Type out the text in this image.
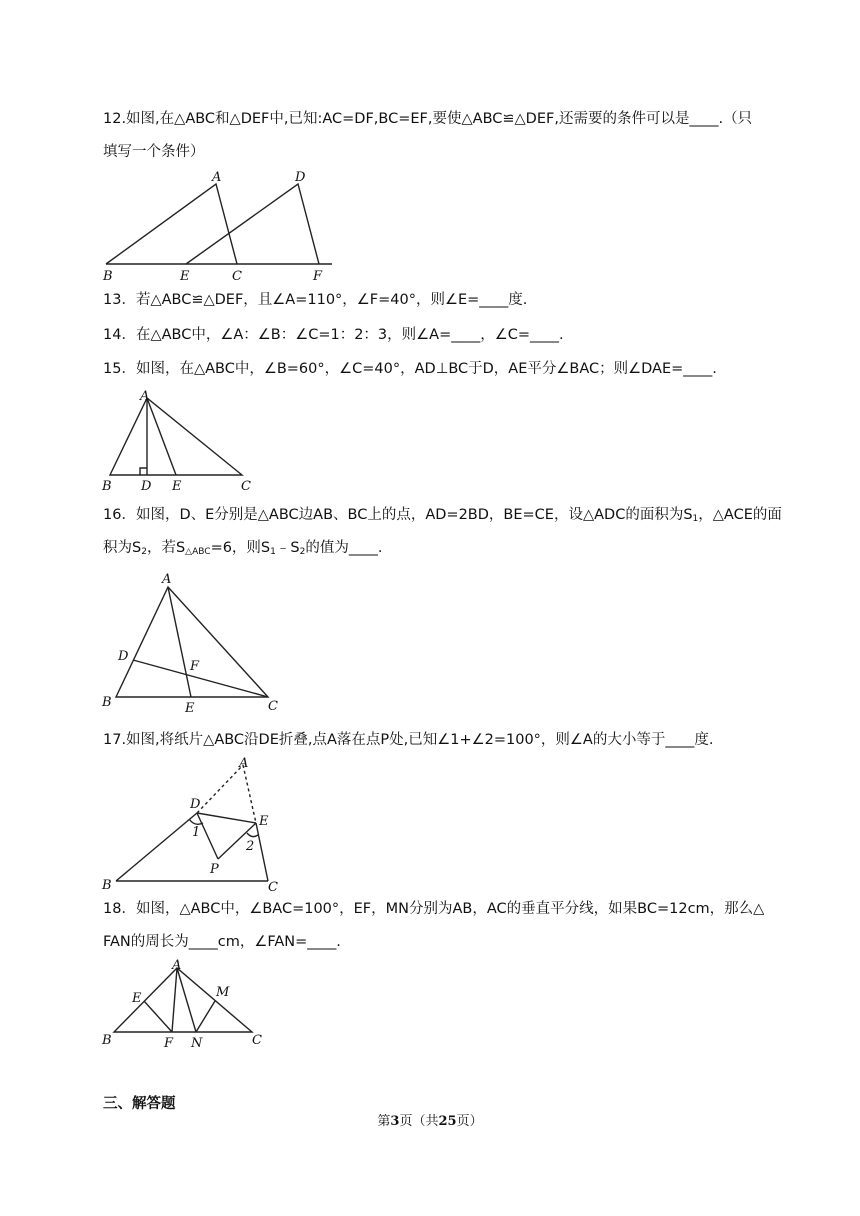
12.如图,在△ABC和△DEF中,已知:AC=DF,BC=EF,要使△ABC≌△DEF,还需要的条件可以是____.（只
填写一个条件）
A	D
B	E	C	F
13．若△ABC≌△DEF，且∠A=110°，∠F=40°，则∠E=____度.
14．在△ABC中，∠A：∠B：∠C=1：2：3，则∠A=____，∠C=____.
15．如图，在△ABC中，∠B=60°，∠C=40°，AD⊥BC于D，AE平分∠BAC；则∠DAE=____.
A
B D E	C
16．如图，D、E分别是△ABC边AB、BC上的点，AD=2BD，BE=CE，设△ADC的面积为$S_1$，△ACE的面
积为$S_2$，若$S_{\triangle ABC}=6$，则$S_1﹣S_2$的值为____.
A
D
F
B	E	C
17.如图,将纸片△ABC沿DE折叠,点A落在点P处,已知∠1+∠2=100°，则∠A的大小等于____度.
A
D
E
1
2
P
B	C
18．如图，△ABC中，∠BAC=100°，EF，MN分别为AB，AC的垂直平分线，如果BC=12cm，那么△
FAN的周长为____cm，∠FAN=____.
A
E	M
B	F N	C
三、解答题
第3页（共25页）
